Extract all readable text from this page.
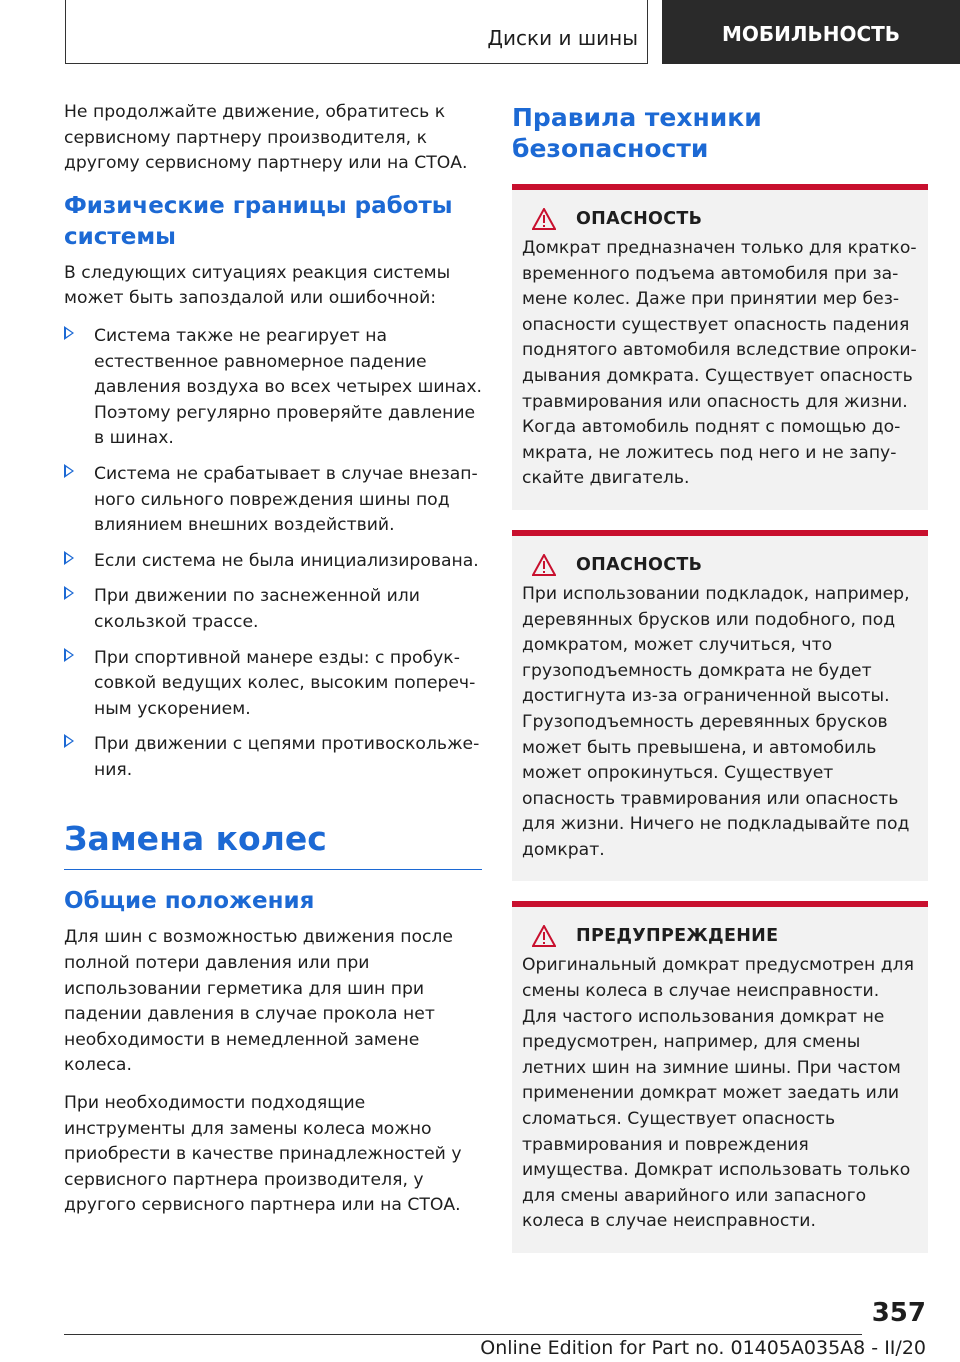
Диски и шины	МОБИЛЬНОСТЬ

Не продолжайте движение, обратитесь к сервисному партнеру производителя, к другому сервисному партнеру или на СТОА.

Физические границы работы системы

В следующих ситуациях реакция системы может быть запоздалой или ошибочной:

Система также не реагирует на естественное равномерное падение давления воздуха во всех четырех шинах. Поэтому регулярно проверяйте давление в шинах.
Система не срабатывает в случае внезапного сильного повреждения шины под влиянием внешних воздействий.
Если система не была инициализирована.
При движении по заснеженной или скользкой трассе.
При спортивной манере езды: с пробуксовкой ведущих колес, высоким поперечным ускорением.
При движении с цепями противоскольжения.
Замена колес
Общие положения

Для шин с возможностью движения после полной потери давления или при использовании герметика для шин при падении давления в случае прокола нет необходимости в немедленной замене колеса.

При необходимости подходящие инструменты для замены колеса можно приобрести в качестве принадлежностей у сервисного партнера производителя, у другого сервисного партнера или на СТОА.

Правила техники безопасности
ОПАСНОСТЬ

Домкрат предназначен только для кратковременного подъема автомобиля при замене колес. Даже при принятии мер безопасности существует опасность падения поднятого автомобиля вследствие опрокидывания домкрата. Существует опасность травмирования или опасность для жизни. Когда автомобиль поднят с помощью домкрата, не ложитесь под него и не запускайте двигатель.

ОПАСНОСТЬ

При использовании подкладок, например, деревянных брусков или подобного, под домкратом, может случиться, что грузоподъемность домкрата не будет достигнута из-за ограниченной высоты. Грузоподъемность деревянных брусков может быть превышена, и автомобиль может опрокинуться. Существует опасность травмирования или опасность для жизни. Ничего не подкладывайте под домкрат.

ПРЕДУПРЕЖДЕНИЕ

Оригинальный домкрат предусмотрен для смены колеса в случае неисправности. Для частого использования домкрат не предусмотрен, например, для смены летних шин на зимние шины. При частом применении домкрат может заедать или сломаться. Существует опасность травмирования и повреждения имущества. Домкрат использовать только для смены аварийного или запасного колеса в случае неисправности.

357
Online Edition for Part no. 01405A035A8 - II/20
